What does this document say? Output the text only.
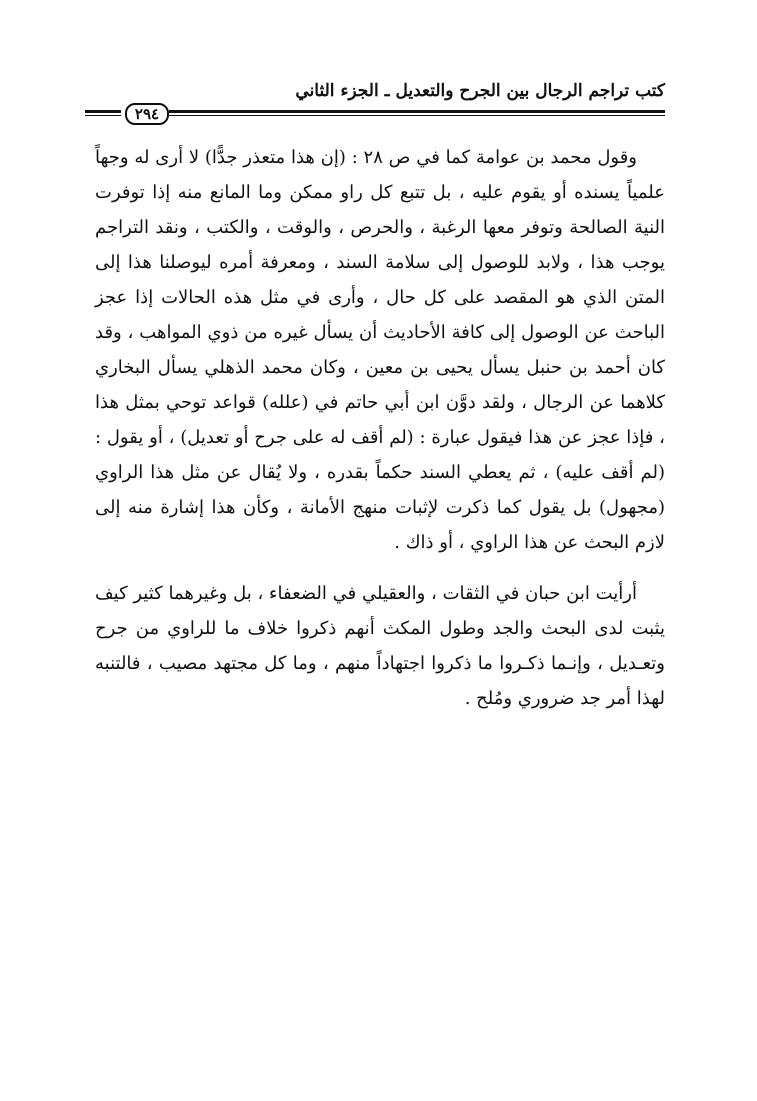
كتب تراجم الرجال بين الجرح والتعديل ـ الجزء الثاني
٢٩٤

وقول محمد بن عوامة كما في ص ٢٨ : (إن هذا متعذر جدًّا) لا أرى له وجهاً علمياً يسنده أو يقوم عليه ، بل تتبع كل راو ممكن وما المانع منه إذا توفرت النية الصالحة وتوفر معها الرغبة ، والحرص ، والوقت ، والكتب ، ونقد التراجم يوجب هذا ، ولابد للوصول إلى سلامة السند ، ومعرفة أمره ليوصلنا هذا إلى المتن الذي هو المقصد على كل حال ، وأرى في مثل هذه الحالات إذا عجز الباحث عن الوصول إلى كافة الأحاديث أن يسأل غيره من ذوي المواهب ، وقد كان أحمد بن حنبل يسأل يحيى بن معين ، وكان محمد الذهلي يسأل البخاري كلاهما عن الرجال ، ولقد دوَّن ابن أبي حاتم في (علله) قواعد توحي بمثل هذا ، فإذا عجز عن هذا فيقول عبارة : (لم أقف له على جرح أو تعديل) ، أو يقول : (لم أقف عليه) ، ثم يعطي السند حكماً بقدره ، ولا يُقال عن مثل هذا الراوي (مجهول) بل يقول كما ذكرت لإثبات منهج الأمانة ، وكأن هذا إشارة منه إلى لازم البحث عن هذا الراوي ، أو ذاك .

أرأيت ابن حبان في الثقات ، والعقيلي في الضعفاء ، بل وغيرهما كثير كيف يثبت لدى البحث والجد وطول المكث أنهم ذكروا خلاف ما للراوي من جرح وتعـديل ، وإنـما ذكـروا ما ذكروا اجتهاداً منهم ، وما كل مجتهد مصيب ، فالتنبه لهذا أمر جد ضروري ومُلح .
